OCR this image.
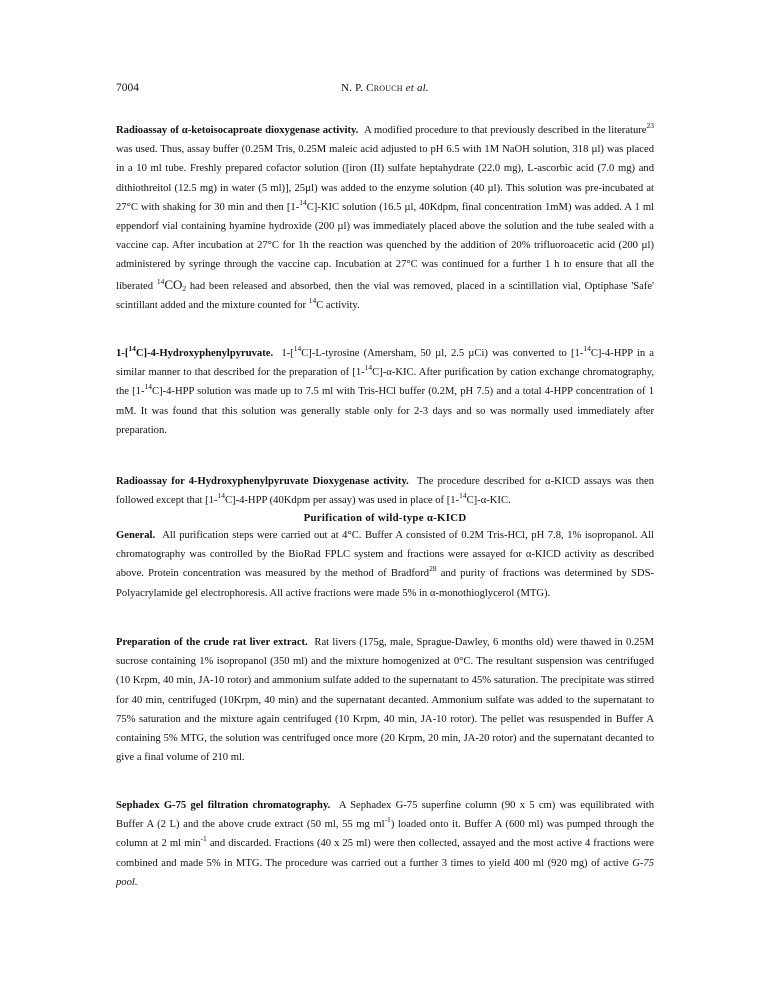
7004	N. P. Crouch et al.

Radioassay of α-ketoisocaproate dioxygenase activity.  A modified procedure to that previously described in the literature$^{23}$ was used. Thus, assay buffer (0.25M Tris, 0.25M maleic acid adjusted to pH 6.5 with 1M NaOH solution, 318 µl) was placed in a 10 ml tube. Freshly prepared cofactor solution ([iron (II) sulfate heptahydrate (22.0 mg), L-ascorbic acid (7.0 mg) and dithiothreitol (12.5 mg) in water (5 ml)], 25µl) was added to the enzyme solution (40 µl). This solution was pre-incubated at 27°C with shaking for 30 min and then [1-$^{14}$C]-KIC solution (16.5 µl, 40Kdpm, final concentration 1mM) was added. A 1 ml eppendorf vial containing hyamine hydroxide (200 µl) was immediately placed above the solution and the tube sealed with a vaccine cap. After incubation at 27°C for 1h the reaction was quenched by the addition of 20% trifluoroacetic acid (200 µl) administered by syringe through the vaccine cap. Incubation at 27°C was continued for a further 1 h to ensure that all the liberated $^{14}CO_2$ had been released and absorbed, then the vial was removed, placed in a scintillation vial, Optiphase 'Safe' scintillant added and the mixture counted for $^{14}$C activity.

1-[$^{14}$C]-4-Hydroxyphenylpyruvate.  1-[$^{14}$C]-L-tyrosine (Amersham, 50 µl, 2.5 µCi) was converted to [1-$^{14}$C]-4-HPP in a similar manner to that described for the preparation of [1-$^{14}$C]-α-KIC. After purification by cation exchange chromatography, the [1-$^{14}$C]-4-HPP solution was made up to 7.5 ml with Tris-HCl buffer (0.2M, pH 7.5) and a total 4-HPP concentration of 1 mM. It was found that this solution was generally stable only for 2-3 days and so was normally used immediately after preparation.

Radioassay for 4-Hydroxyphenylpyruvate Dioxygenase activity.  The procedure described for α-KICD assays was then followed except that [1-$^{14}$C]-4-HPP (40Kdpm per assay) was used in place of [1-$^{14}$C]-α-KIC.

Purification of wild-type α-KICD

General.  All purification steps were carried out at 4°C. Buffer A consisted of 0.2M Tris-HCl, pH 7.8, 1% isopropanol. All chromatography was controlled by the BioRad FPLC system and fractions were assayed for α-KICD activity as described above. Protein concentration was measured by the method of Bradford$^{28}$ and purity of fractions was determined by SDS-Polyacrylamide gel electrophoresis. All active fractions were made 5% in α-monothioglycerol (MTG).

Preparation of the crude rat liver extract.  Rat livers (175g, male, Sprague-Dawley, 6 months old) were thawed in 0.25M sucrose containing 1% isopropanol (350 ml) and the mixture homogenized at 0°C. The resultant suspension was centrifuged (10 Krpm, 40 min, JA-10 rotor) and ammonium sulfate added to the supernatant to 45% saturation. The precipitate was stirred for 40 min, centrifuged (10Krpm, 40 min) and the supernatant decanted. Ammonium sulfate was added to the supernatant to 75% saturation and the mixture again centrifuged (10 Krpm, 40 min, JA-10 rotor). The pellet was resuspended in Buffer A containing 5% MTG, the solution was centrifuged once more (20 Krpm, 20 min, JA-20 rotor) and the supernatant decanted to give a final volume of 210 ml.

Sephadex G-75 gel filtration chromatography.  A Sephadex G-75 superfine column (90 x 5 cm) was equilibrated with Buffer A (2 L) and the above crude extract (50 ml, 55 mg $ml^{-1}$) loaded onto it. Buffer A (600 ml) was pumped through the column at 2 ml $\min^{-1}$ and discarded. Fractions (40 x 25 ml) were then collected, assayed and the most active 4 fractions were combined and made 5% in MTG. The procedure was carried out a further 3 times to yield 400 ml (920 mg) of active G-75 pool.
